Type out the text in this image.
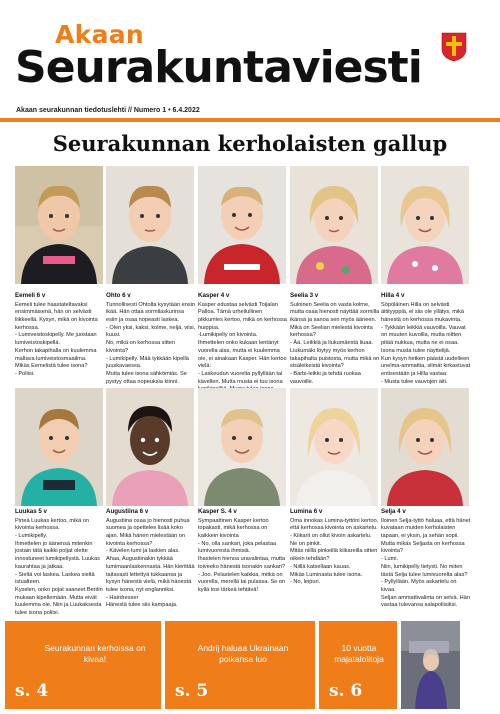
Akaan
Seurakuntaviesti
Akaan seurakunnan tiedotuslehti // Numero 1 • 6.4.2022
Seurakunnan kerholaisten gallup
Eemeli 6 v

Eemeli tulee haastateltavaksi ensimmäisenä, hän on selvästi liikkeellä. Kysyn, mikä on kivointa kerhossa.
- Lumiveistoskipelly. Me juostaan lumiveistoskipellä.
Kerhon takapihalla on kuulemma maltava lumiveistosmaailma.
Mikäs Eemelistä tulee isona?
- Poliisi.

Ohto 6 v

Tunnollisesti Ohtolta kysytään ensin ikää. Hän ottaa sormilaskurinsa esiin ja osaa nopeasti laskea.
- Olen yksi, kaksi, kolme, neljä, viisi, kuusi.
No, mikä on kerhossa sitten kivointa?
- Lumikipelly. Mää tykkään kipellä juuskavaessa.
Mutta tulee isona sähkömiäs. Se pystyy ottaa nopeuksia kiinni.

Kasper 4 v

Kasper edustaa selvästi Toijalan Palloa. Tämä urheilullinen pikkumies kertoo, mikä on kerhossa huippua.
-Lumikipelly on kivointa.
Ihmettelen onko kukaan lentänyt vuorella alas, mutta ei kuulemma ole, ei ainakaan Kasper. Hän kertoo vielä:
- Laskeudun vuorelta pyllyllään tai kävellen. Mutta musta ei tuu isona

Seelia 3 v

Suloinen Seelia on vasta kolme, mutta osaa hienosti näyttää sormilla ikänsä ja sanoa sen myös ääneen. Mikä on Seelian mielestä kivointa kerhossa?
- Ää. Leikkiä ja liukumäestä liuaa.
Liukumäki löytyy myös kerhon takapihalta puistosta, mutta mikä on sisäleikeistä kivointa?
- Barbi-leikki ja tehdä ruokaa vauvoille.

Hilla 4 v

Söpöläinen Hilla on selvästi äitityyppiä, ei siis ole yllätys, mikä hänestä on kerhossa mukavinta.
- Tykkään leikkiä vauvoilla. Vauvat on muuten kuvoilla, mutta niitten pitää nukkua, mutta ne ei osaa. Isona musta tulee näyttelijä.
Kun kysyn hetken päästä uudelleen unelma-ammattia, silmät kirkastuvat entisestään ja Hilla vastaa:
- Musta tulee vauvojen äiti.

Luukas 5 v

Pirteä Luukas kertoo, mikä on kivointa kerhossa.
- Lumikipelly.
Ihmettelen jo äänensä mitenkin jostain tätä kaikki poljat olette innostuneet lumikipellystä. Luukas kaurahtaa ja jatkaa.
- Sieltä voi laskea. Laskea sieltä istualteen.
Kyselen, onko pojat saaneet Beritin mukaan kipellemään. Mutta eivät kuulemma ole. Niin ja Luukaksesta tulee isona poliisi.

Augustiina 6 v

Augustiina osaa jo hienosti puhua suomea ja opettelee lisää koko ajan. Mikä hänen mielestään on kivointa kerhossa?
- Kävelen lumi ja laskien alas.
Ahaa, Augustiinakin tykkää lumimaanlaskennasta. Hän kierittää taitavasti lettettyä tukkaansa ja kysyn hänestä vielä, mikä hänestä tulee isona, nyt englanniksi.
- Hairdresser
Hänestä tulee siis kampaaja.

Kasper S. 4 v

Sympaattinen Kasper kertoo topakasti, mikä kerhossa on kaikkein kivointa
- No, olla sankari, joka pelastaa lumivuoresta ihmisiä.
Ihastelen hienoa uravalintaa, mutta toiveeko hänestä isonakin sankari?
- Joo. Pelastelen kaikkia, mitkä on vuorella, merellä tai pulassa. Se on kyllä tosi tärkeä tehtävä!

Lumina 6 v

Oma innokas Lumina-tyttöni kertoo, että kerhossa kivointa on askartelu.
- Kiikarit on ollut kivoin askartelu. Ne on pinkit.
Mitäs niillä pinkeillä kiikareilla sitten oikein tehdään?
- Niillä katsellaan kauas.
Mikäs Luminasta tulee isona.
- No, leipuri.

Selja 4 v

Iloinen Selja-tyttö haluaa, että hänet kuvataan muiden kerholaisten tapaan, ei yksin, ja sehän sopii. Mutta mikäs Seljasta on kerhossa kivointa?
- Lumi.
Niin, lumikipelly tietysti. No miten tästä Selja tulee lumivuorelta alas?
- Pyllyllään. Myös askartelu on kivaa.
Seljan ammattivalinta on selvä. Hän vastaa tulevansa salapoliisiksi.

Seurakunnan kerhoissa on kivaa!
s. 4
Andrij haluaa Ukrainaan poikansa luo
s. 5
10 vuotta majatalolitoja
s. 6
